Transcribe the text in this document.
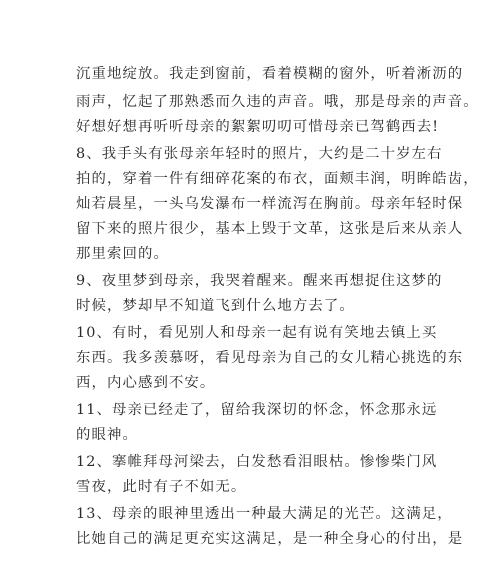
沉重地绽放。我走到窗前，看着模糊的窗外，听着淅沥的
雨声，忆起了那熟悉而久违的声音。哦，那是母亲的声音。
好想好想再听听母亲的絮絮叨叨可惜母亲已驾鹤西去!
8、我手头有张母亲年轻时的照片，大约是二十岁左右
拍的，穿着一件有细碎花案的布衣，面颊丰润，明眸皓齿，
灿若晨星，一头乌发瀑布一样流泻在胸前。母亲年轻时保
留下来的照片很少，基本上毁于文革，这张是后来从亲人
那里索回的。
9、夜里梦到母亲，我哭着醒来。醒来再想捉住这梦的
时候，梦却早不知道飞到什么地方去了。
10、有时，看见别人和母亲一起有说有笑地去镇上买
东西。我多羡慕呀，看见母亲为自己的女儿精心挑选的东
西，内心感到不安。
11、母亲已经走了，留给我深切的怀念，怀念那永远
的眼神。
12、搴帷拜母河梁去，白发愁看泪眼枯。惨惨柴门风
雪夜，此时有子不如无。
13、母亲的眼神里透出一种最大满足的光芒。这满足，
比她自己的满足更充实这满足，是一种全身心的付出，是
